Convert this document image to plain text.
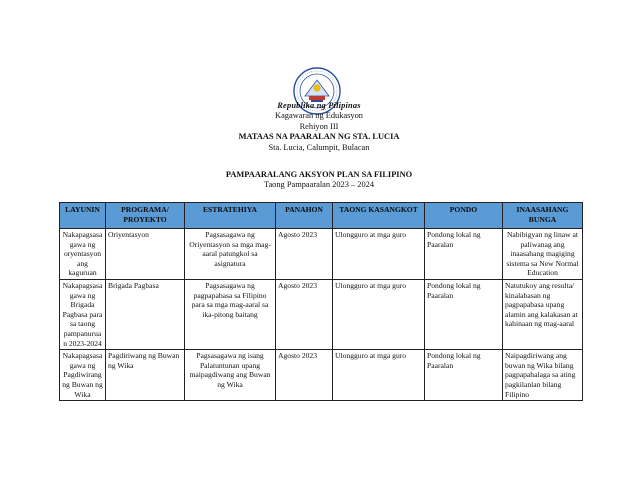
Republika ng Pilipinas
Kagawaran ng Edukasyon
Rehiyon III
MATAAS NA PAARALAN NG STA. LUCIA
Sta. Lucia, Calumpit, Bulacan
PAMPAARALANG AKSYON PLAN SA FILIPINO
Taong Pampaaralan 2023 – 2024
LAYUNIN	PROGRAMA/ PROYEKTO	ESTRATEHIYA	PANAHON	TAONG KASANGKOT	PONDO	INAASAHANG BUNGA
Nakapagsasagawa ng oryentasyon ang kaguruan	Oriyentasyon	Pagsasagawa ng Oriyentasyon sa mga mag-aaral patungkol sa asignatura	Agosto 2023	Ulongguro at mga guro	Pondong lokal ng Paaralan	Nabibigyan ng linaw at paliwanag ang inaasahang magiging sistema sa New Normal Education
Nakapagsasagawa ng Brigada Pagbasa para sa taong pampanuruan 2023-2024	Brigada Pagbasa	Pagsasagawa ng pagpapabasa sa Filipino para sa mga mag-aaral sa ika-pitong baitang	Agosto 2023	Ulongguro at mga guro	Pondong lokal ng Paaralan	Natutukoy ang resulta/ kinalabasan ng pagpapabasa upang alamin ang kalakasan at kahinaan ng mag-aaral
Nakapagsasagawa ng Pagdiwirang ng Buwan ng Wika	Pagdiriwang ng Buwan ng Wika	Pagsasagawa ng isang Palatuntunan upang maipagdiwang ang Buwan ng Wika	Agosto 2023	Ulongguro at mga guro	Pondong lokal ng Paaralan	Naipagdiriwang ang buwan ng Wika bilang pagpapahalaga sa ating pagkilanlan bilang Filipino
